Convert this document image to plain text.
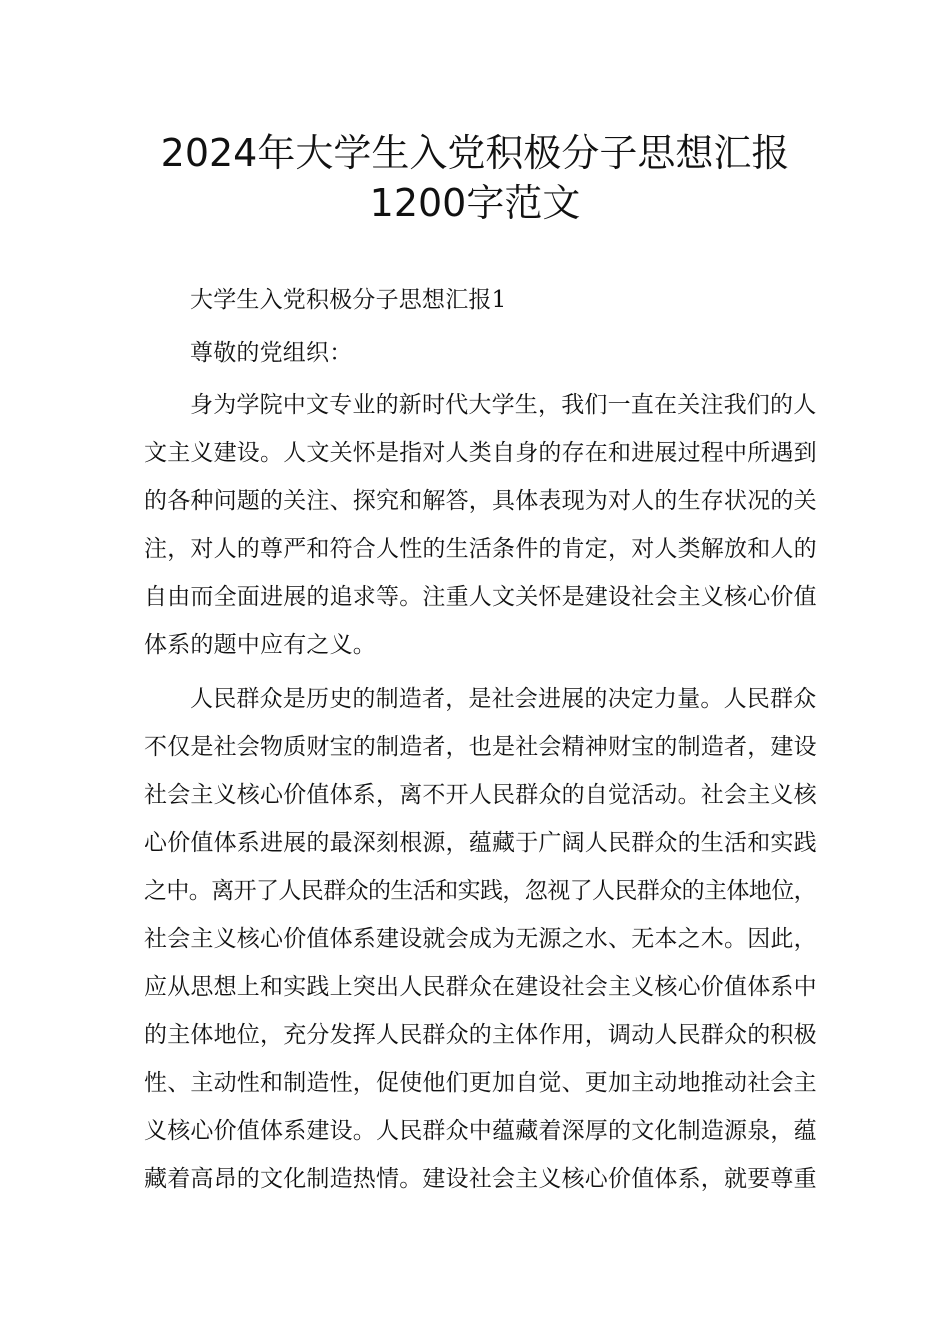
2024年大学生入党积极分子思想汇报
1200字范文
大学生入党积极分子思想汇报1
尊敬的党组织：
身为学院中文专业的新时代大学生，我们一直在关注我们的人
文主义建设。人文关怀是指对人类自身的存在和进展过程中所遇到
的各种问题的关注、探究和解答，具体表现为对人的生存状况的关
注，对人的尊严和符合人性的生活条件的肯定，对人类解放和人的
自由而全面进展的追求等。注重人文关怀是建设社会主义核心价值
体系的题中应有之义。
人民群众是历史的制造者，是社会进展的决定力量。人民群众
不仅是社会物质财宝的制造者，也是社会精神财宝的制造者，建设
社会主义核心价值体系，离不开人民群众的自觉活动。社会主义核
心价值体系进展的最深刻根源，蕴藏于广阔人民群众的生活和实践
之中。离开了人民群众的生活和实践，忽视了人民群众的主体地位，
社会主义核心价值体系建设就会成为无源之水、无本之木。因此，
应从思想上和实践上突出人民群众在建设社会主义核心价值体系中
的主体地位，充分发挥人民群众的主体作用，调动人民群众的积极
性、主动性和制造性，促使他们更加自觉、更加主动地推动社会主
义核心价值体系建设。人民群众中蕴藏着深厚的文化制造源泉，蕴
藏着高昂的文化制造热情。建设社会主义核心价值体系，就要尊重
